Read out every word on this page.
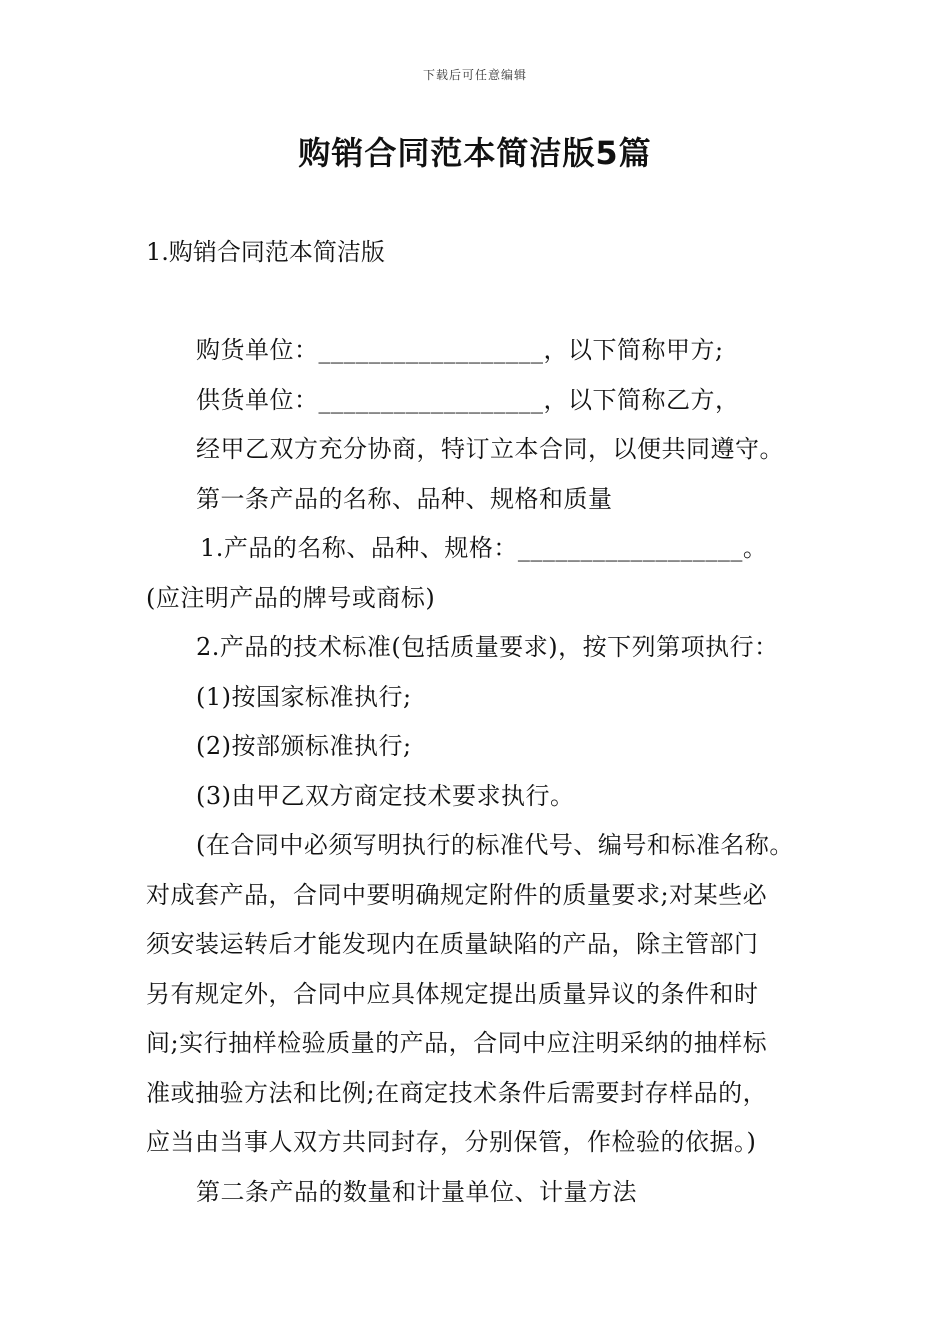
下载后可任意编辑
购销合同范本简洁版5篇
1.购销合同范本简洁版
购货单位：__________________，以下简称甲方;
供货单位：__________________，以下简称乙方，
经甲乙双方充分协商，特订立本合同，以便共同遵守。
第一条产品的名称、品种、规格和质量
1.产品的名称、品种、规格：__________________。
(应注明产品的牌号或商标)
2.产品的技术标准(包括质量要求)，按下列第项执行：
(1)按国家标准执行;
(2)按部颁标准执行;
(3)由甲乙双方商定技术要求执行。
(在合同中必须写明执行的标准代号、编号和标准名称。
对成套产品，合同中要明确规定附件的质量要求;对某些必
须安装运转后才能发现内在质量缺陷的产品，除主管部门
另有规定外，合同中应具体规定提出质量异议的条件和时
间;实行抽样检验质量的产品，合同中应注明采纳的抽样标
准或抽验方法和比例;在商定技术条件后需要封存样品的，
应当由当事人双方共同封存，分别保管，作检验的依据。)
第二条产品的数量和计量单位、计量方法
